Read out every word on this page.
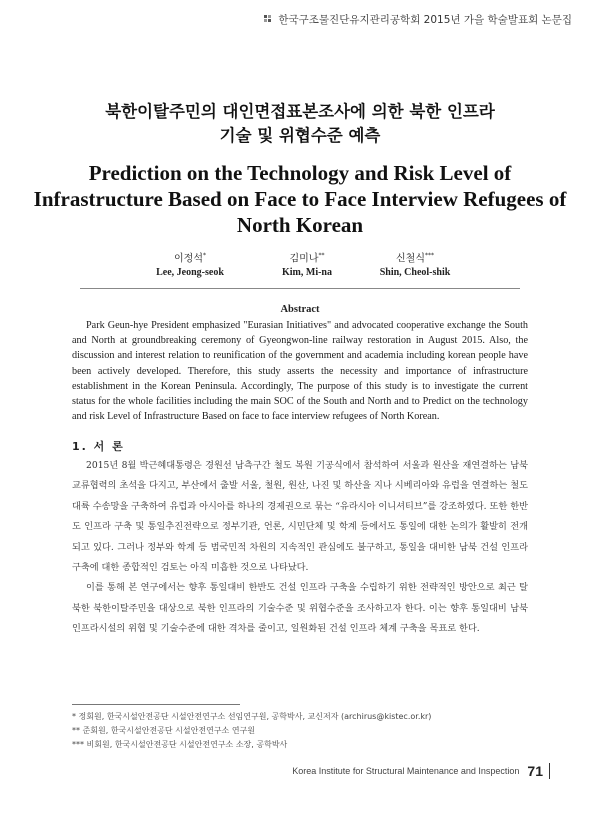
한국구조물진단유지관리공학회 2015년 가을 학술발표회 논문집
북한이탈주민의 대인면접표본조사에 의한 북한 인프라
기술 및 위협수준 예측
Prediction on the Technology and Risk Level of
Infrastructure Based on Face to Face Interview Refugees of
North Korean
이정석*
Lee, Jeong-seok
김미나**
Kim, Mi-na
신철식***
Shin, Cheol-shik
Abstract
Park Geun-hye President emphasized "Eurasian Initiatives" and advocated cooperative exchange the South and North at groundbreaking ceremony of Gyeongwon-line railway restoration in August 2015. Also, the discussion and interest relation to reunification of the government and academia including korean people have been actively developed. Therefore, this study asserts the necessity and importance of infrastructure establishment in the Korean Peninsula. Accordingly, The purpose of this study is to investigate the current status for the whole facilities including the main SOC of the South and North and to Predict on the technology and risk Level of Infrastructure Based on face to face interview refugees of North Korean.
1. 서 론

2015년 8월 박근혜대통령은 경원선 남측구간 철도 복원 기공식에서 참석하여 서울과 원산을 재연결하는 남북교류협력의 초석을 다지고, 부산에서 출발 서울, 철원, 원산, 나진 및 하산을 지나 시베리아와 유럽을 연결하는 철도대륙 수송망을 구축하여 유럽과 아시아를 하나의 경제권으로 묶는 “유라시아 이니셔티브”를 강조하였다. 또한 한반도 인프라 구축 및 통일추진전략으로 정부기관, 언론, 시민단체 및 학계 등에서도 통일에 대한 논의가 활발히 전개되고 있다. 그러나 정부와 학계 등 범국민적 차원의 지속적인 관심에도 불구하고, 통일을 대비한 남북 건설 인프라 구축에 대한 종합적인 검토는 아직 미흡한 것으로 나타났다.

이를 통해 본 연구에서는 향후 통일대비 한반도 건설 인프라 구축을 수립하기 위한 전략적인 방안으로 최근 탈북한 북한이탈주민을 대상으로 북한 인프라의 기술수준 및 위협수준을 조사하고자 한다. 이는 향후 통일대비 남북 인프라시설의 위협 및 기술수준에 대한 격차를 줄이고, 일원화된 건설 인프라 체계 구축을 목표로 한다.

* 정회원, 한국시설안전공단 시설안전연구소 선임연구원, 공학박사, 교신저자 (archirus@kistec.or.kr)
** 준회원, 한국시설안전공단 시설안전연구소 연구원
*** 비회원, 한국시설안전공단 시설안전연구소 소장, 공학박사
Korea Institute for Structural Maintenance and Inspection 71
